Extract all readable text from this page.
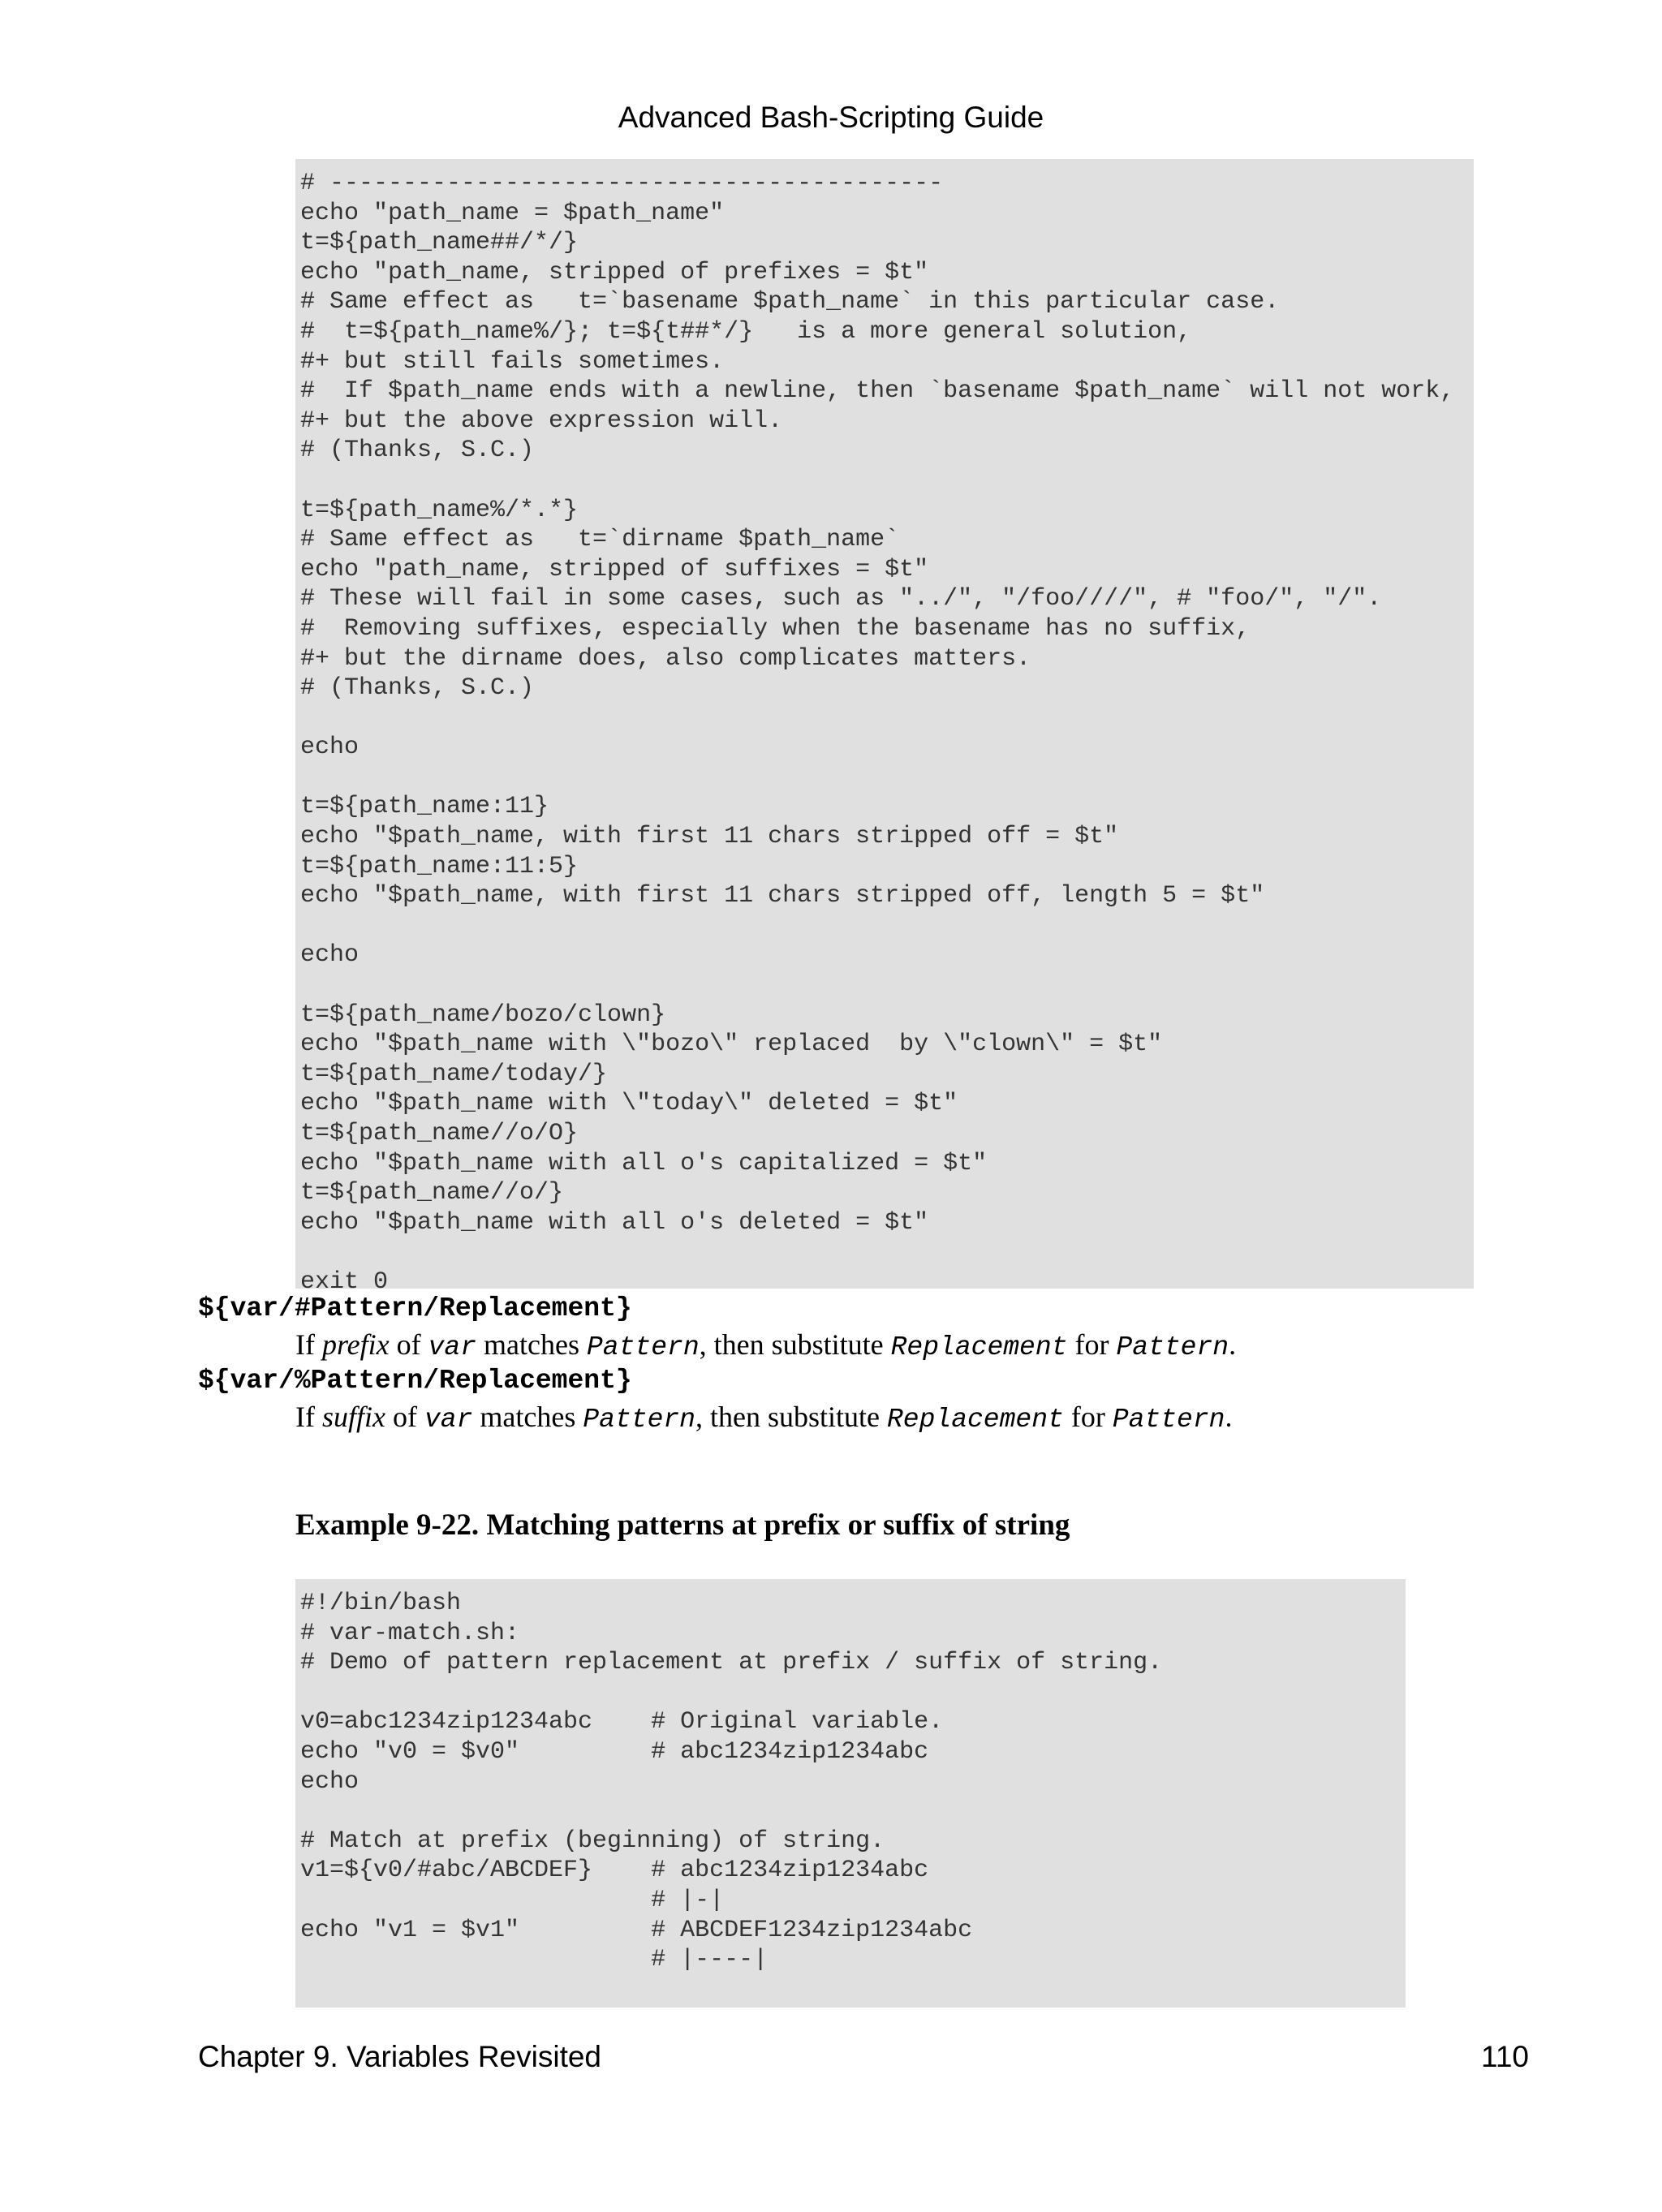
Advanced Bash-Scripting Guide
# ------------------------------------------
echo "path_name = $path_name"
t=${path_name##/*/}
echo "path_name, stripped of prefixes = $t"
# Same effect as   t=`basename $path_name` in this particular case.
#  t=${path_name%/}; t=${t##*/}   is a more general solution,
#+ but still fails sometimes.
#  If $path_name ends with a newline, then `basename $path_name` will not work,
#+ but the above expression will.
# (Thanks, S.C.)

t=${path_name%/*.*}
# Same effect as   t=`dirname $path_name`
echo "path_name, stripped of suffixes = $t"
# These will fail in some cases, such as "../", "/foo////", # "foo/", "/".
#  Removing suffixes, especially when the basename has no suffix,
#+ but the dirname does, also complicates matters.
# (Thanks, S.C.)

echo

t=${path_name:11}
echo "$path_name, with first 11 chars stripped off = $t"
t=${path_name:11:5}
echo "$path_name, with first 11 chars stripped off, length 5 = $t"

echo

t=${path_name/bozo/clown}
echo "$path_name with \"bozo\" replaced  by \"clown\" = $t"
t=${path_name/today/}
echo "$path_name with \"today\" deleted = $t"
t=${path_name//o/O}
echo "$path_name with all o's capitalized = $t"
t=${path_name//o/}
echo "$path_name with all o's deleted = $t"

exit 0
${var/#Pattern/Replacement}
If prefix of var matches Pattern, then substitute Replacement for Pattern.
${var/%Pattern/Replacement}
If suffix of var matches Pattern, then substitute Replacement for Pattern.
Example 9-22. Matching patterns at prefix or suffix of string
#!/bin/bash
# var-match.sh:
# Demo of pattern replacement at prefix / suffix of string.

v0=abc1234zip1234abc    # Original variable.
echo "v0 = $v0"         # abc1234zip1234abc
echo

# Match at prefix (beginning) of string.
v1=${v0/#abc/ABCDEF}    # abc1234zip1234abc
# |-|
echo "v1 = $v1"         # ABCDEF1234zip1234abc
# |----|
Chapter 9. Variables Revisited	110
